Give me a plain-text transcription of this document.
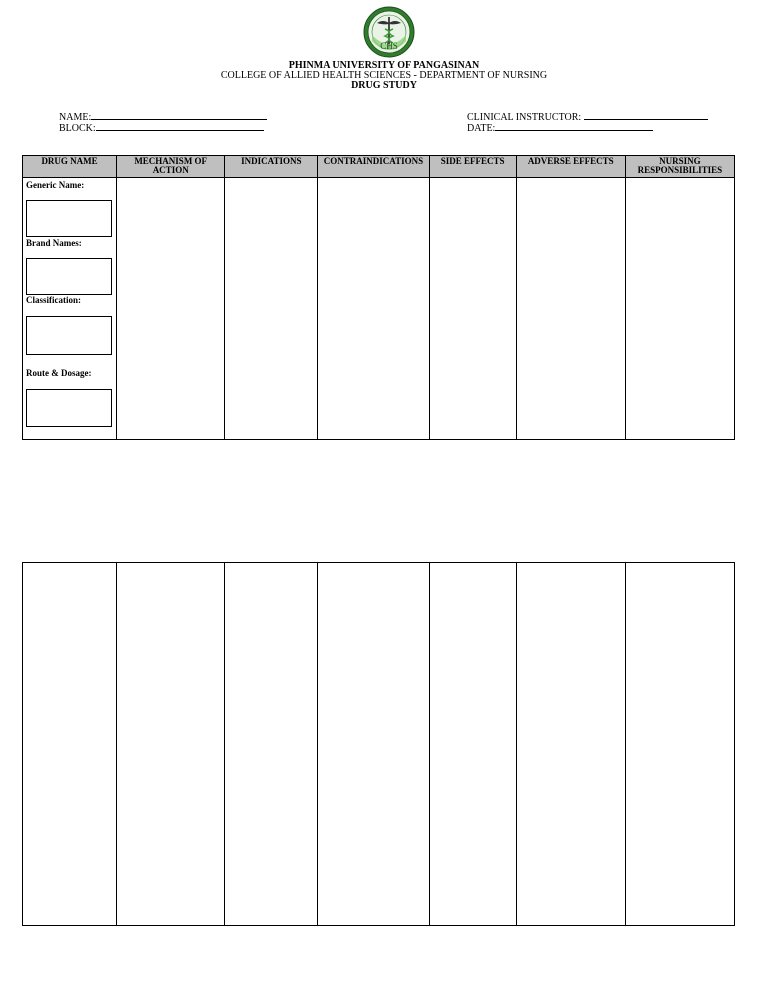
CHS
PHINMA UNIVERSITY OF PANGASINAN
COLLEGE OF ALLIED HEALTH SCIENCES - DEPARTMENT OF NURSING
DRUG STUDY
NAME:
BLOCK:
CLINICAL INSTRUCTOR:
DATE:
DRUG NAME	MECHANISM OF ACTION	INDICATIONS	CONTRAINDICATIONS	SIDE EFFECTS	ADVERSE EFFECTS	NURSING RESPONSIBILITIES

Generic Name:
Brand Names:
Classification:
Route & Dosage:						
